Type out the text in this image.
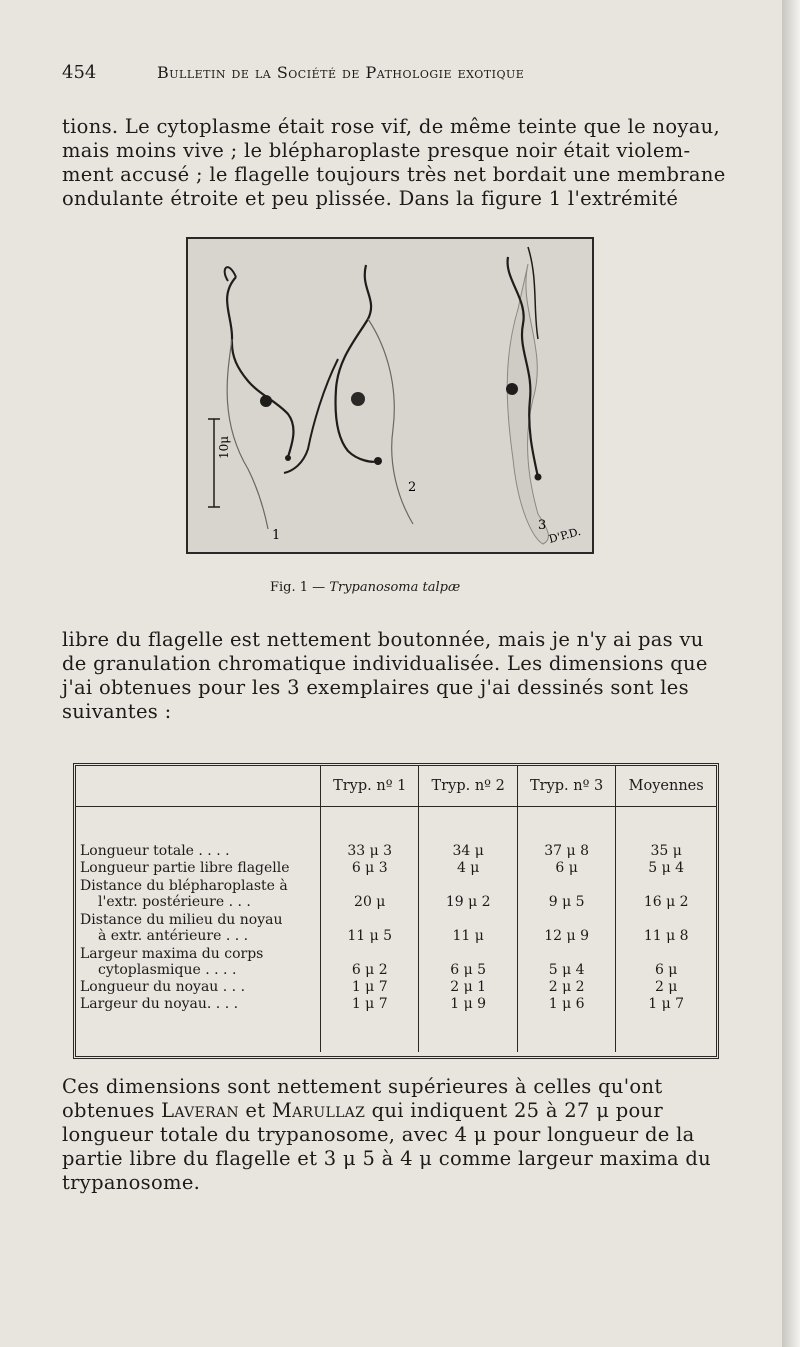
454	Bulletin de la Société de Pathologie exotique
tions. Le cytoplasme était rose vif, de même teinte que le noyau,
mais moins vive ; le blépharoplaste presque noir était violem-
ment accusé ; le flagelle toujours très net bordait une membrane
ondulante étroite et peu plissée. Dans la figure 1 l'extrémité
10μ
1
2
3 D'P.D.
Fig. 1 — Trypanosoma talpæ
libre du flagelle est nettement boutonnée, mais je n'y ai pas vu
de granulation chromatique individualisée. Les dimensions que
j'ai obtenues pour les 3 exemplaires que j'ai dessinés sont les
suivantes :
	Tryp. nº 1	Tryp. nº 2	Tryp. nº 3	Moyennes
Longueur totale . . . .	33 μ 3	34 μ	37 μ 8	35 μ
Longueur partie libre flagelle	6 μ 3	4 μ	6 μ	5 μ 4

Distance du blépharoplaste à
l'extr. postérieure . . .	20 μ	19 μ 2	9 μ 5	16 μ 2

Distance du milieu du noyau
à extr. antérieure . . .	11 μ 5	11 μ	12 μ 9	11 μ 8

Largeur maxima du corps
cytoplasmique . . . .	6 μ 2	6 μ 5	5 μ 4	6 μ
Longueur du noyau . . .	1 μ 7	2 μ 1	2 μ 2	2 μ
Largeur du noyau. . . .	1 μ 7	1 μ 9	1 μ 6	1 μ 7

Ces dimensions sont nettement supérieures à celles qu'ont
obtenues Laveran et Marullaz qui indiquent 25 à 27 μ pour
longueur totale du trypanosome, avec 4 μ pour longueur de la
partie libre du flagelle et 3 μ 5 à 4 μ comme largeur maxima du
trypanosome.
